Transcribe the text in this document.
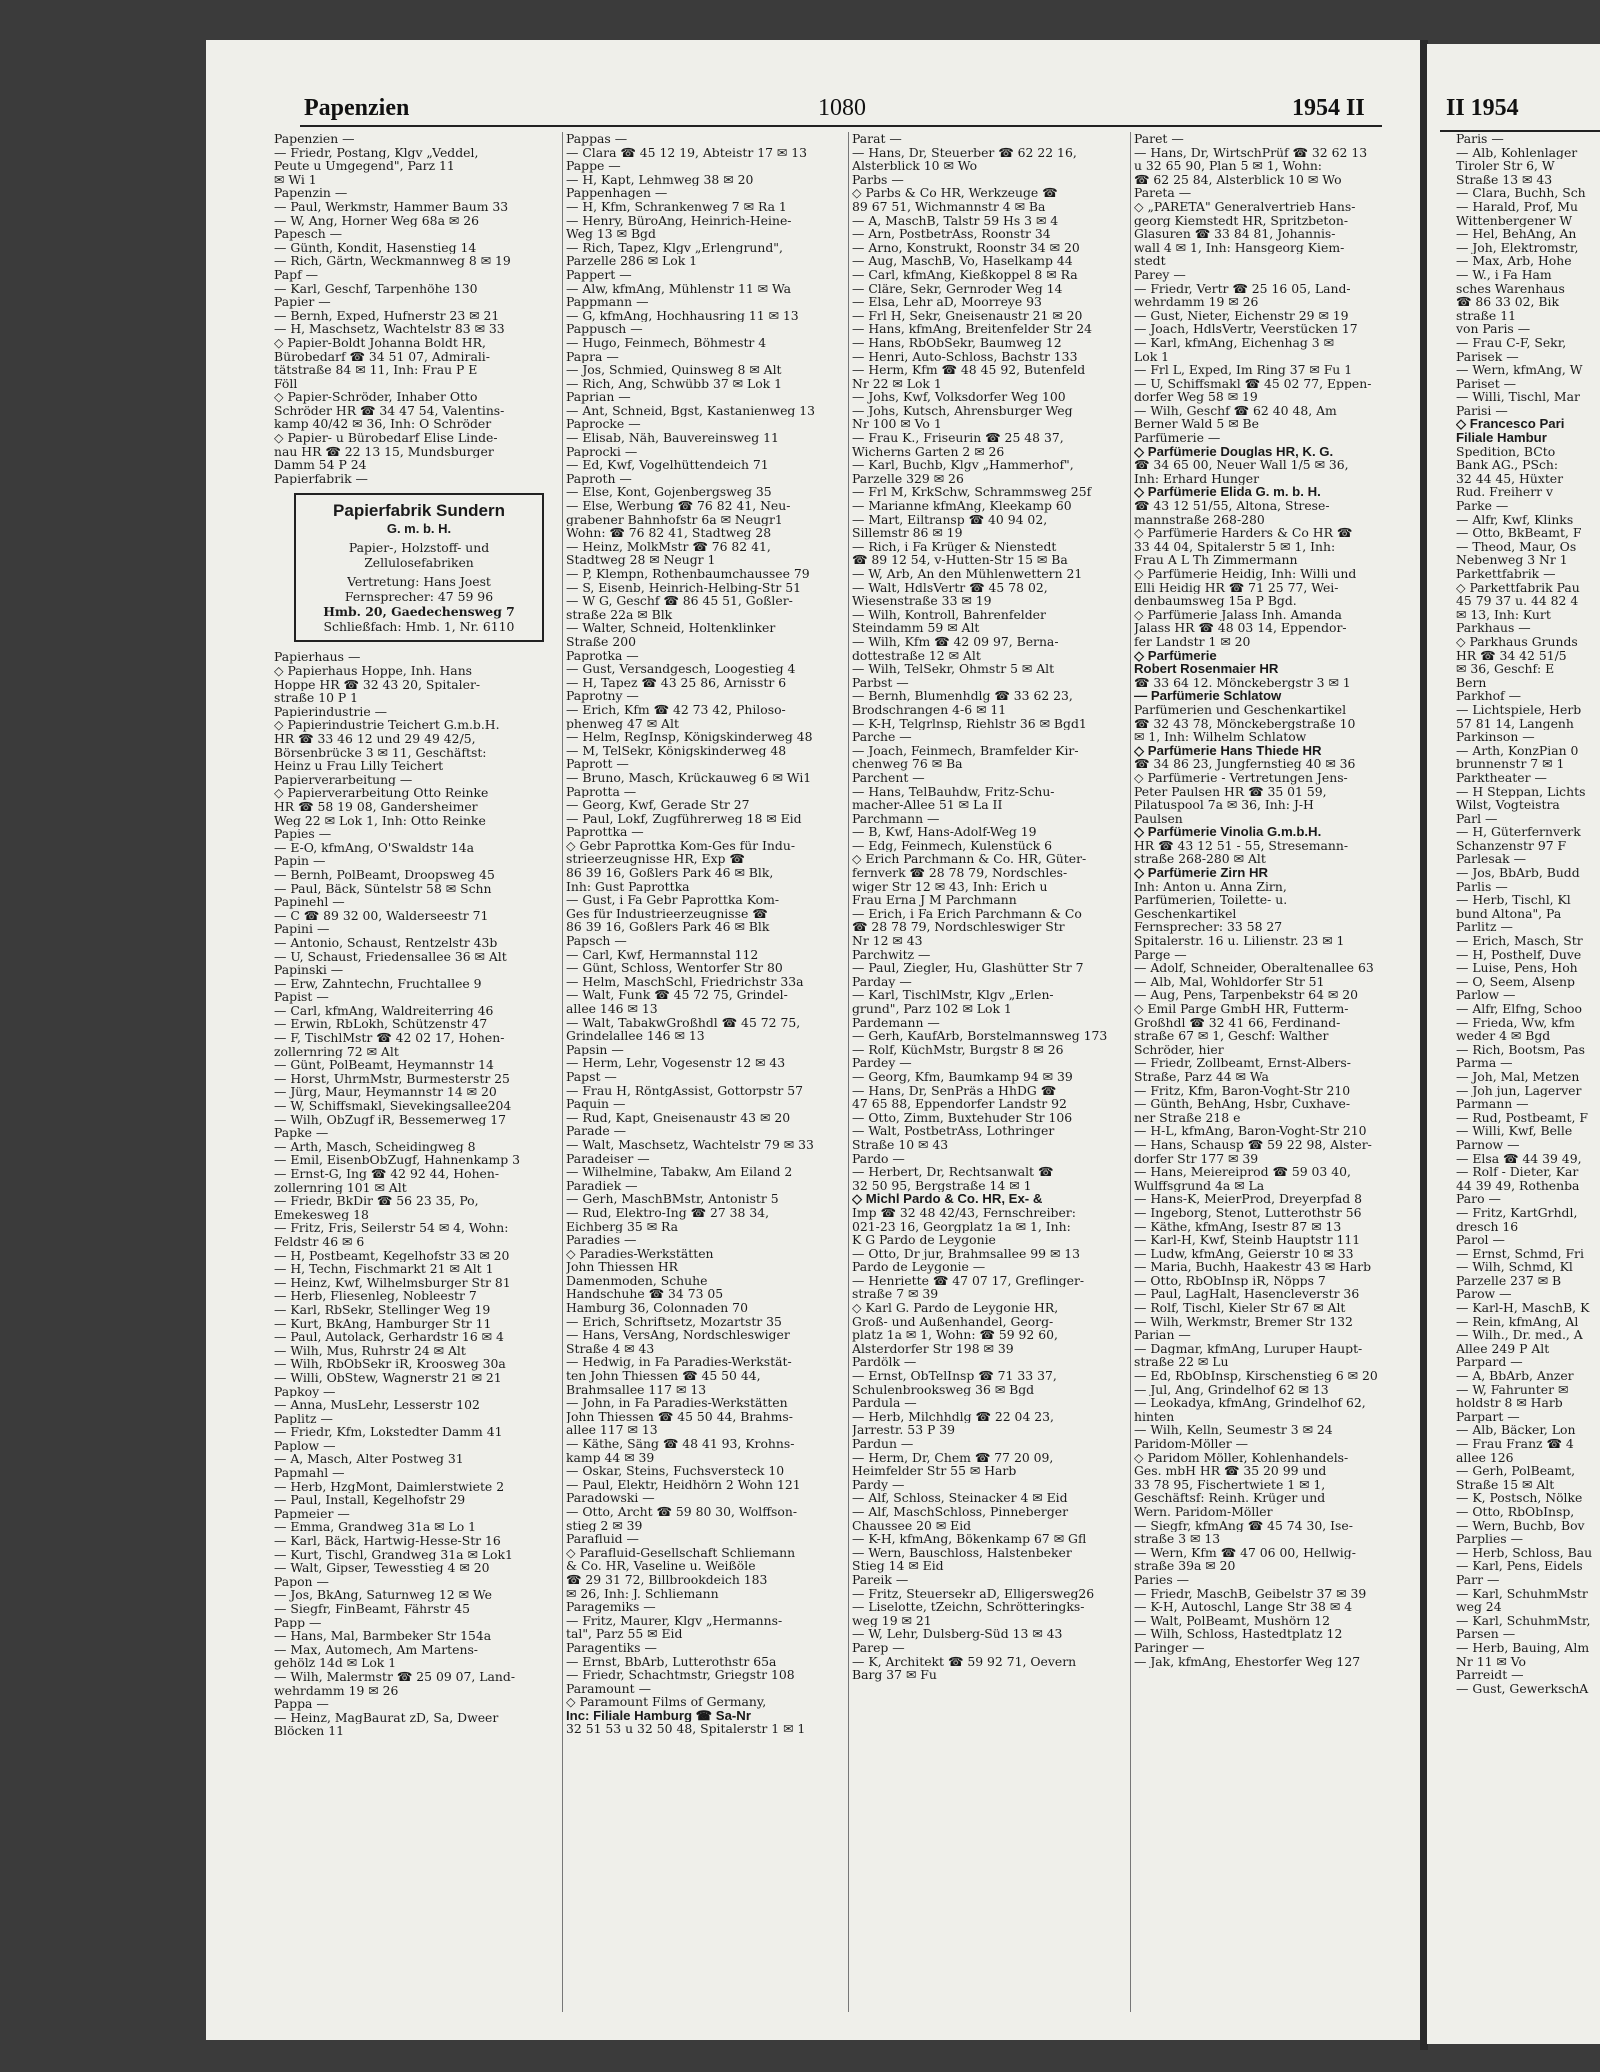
Papenzien	1080	1954 II	II 1954
Papenzien —
— Friedr, Postang, Klgv „Veddel,
Peute u Umgegend", Parz 11
✉ Wi 1
Papenzin —
— Paul, Werkmstr, Hammer Baum 33
— W, Ang, Horner Weg 68a ✉ 26
Papesch —
— Günth, Kondit, Hasenstieg 14
— Rich, Gärtn, Weckmannweg 8 ✉ 19
Papf —
— Karl, Geschf, Tarpenhöhe 130
Papier —
— Bernh, Exped, Hufnerstr 23 ✉ 21
— H, Maschsetz, Wachtelstr 83 ✉ 33
◇ Papier-Boldt Johanna Boldt HR,
Bürobedarf ☎ 34 51 07, Admirali-
tätstraße 84 ✉ 11, Inh: Frau P E
Föll
◇ Papier-Schröder, Inhaber Otto
Schröder HR ☎ 34 47 54, Valentins-
kamp 40/42 ✉ 36, Inh: O Schröder
◇ Papier- u Bürobedarf Elise Linde-
nau HR ☎ 22 13 15, Mundsburger
Damm 54 P 24
Papierfabrik —
Papierfabrik Sundern
G. m. b. H.
Papier-, Holzstoff- und
Zellulosefabriken
Vertretung: Hans Joest
Fernsprecher: 47 59 96
Hmb. 20, Gaedechensweg 7
Schließfach: Hmb. 1, Nr. 6110
Papierhaus —
◇ Papierhaus Hoppe, Inh. Hans
Hoppe HR ☎ 32 43 20, Spitaler-
straße 10 P 1
Papierindustrie —
◇ Papierindustrie Teichert G.m.b.H.
HR ☎ 33 46 12 und 29 49 42/5,
Börsenbrücke 3 ✉ 11, Geschäftst:
Heinz u Frau Lilly Teichert
Papierverarbeitung —
◇ Papierverarbeitung Otto Reinke
HR ☎ 58 19 08, Gandersheimer
Weg 22 ✉ Lok 1, Inh: Otto Reinke
Papies —
— E-O, kfmAng, O'Swaldstr 14a
Papin —
— Bernh, PolBeamt, Droopsweg 45
— Paul, Bäck, Süntelstr 58 ✉ Schn
Papinehl —
— C ☎ 89 32 00, Walderseestr 71
Papini —
— Antonio, Schaust, Rentzelstr 43b
— U, Schaust, Friedensallee 36 ✉ Alt
Papinski —
— Erw, Zahntechn, Fruchtallee 9
Papist —
— Carl, kfmAng, Waldreiterring 46
— Erwin, RbLokh, Schützenstr 47
— F, TischlMstr ☎ 42 02 17, Hohen-
zollernring 72 ✉ Alt
— Günt, PolBeamt, Heymannstr 14
— Horst, UhrmMstr, Burmesterstr 25
— Jürg, Maur, Heymannstr 14 ✉ 20
— W, Schiffsmakl, Sievekingsallee204
— Wilh, ObZugf iR, Bessemerweg 17
Papke —
— Arth, Masch, Scheidingweg 8
— Emil, EisenbObZugf, Hahnenkamp 3
— Ernst-G, Ing ☎ 42 92 44, Hohen-
zollernring 101 ✉ Alt
— Friedr, BkDir ☎ 56 23 35, Po,
Emekesweg 18
— Fritz, Fris, Seilerstr 54 ✉ 4, Wohn:
Feldstr 46 ✉ 6
— H, Postbeamt, Kegelhofstr 33 ✉ 20
— H, Techn, Fischmarkt 21 ✉ Alt 1
— Heinz, Kwf, Wilhelmsburger Str 81
— Herb, Fliesenleg, Nobleestr 7
— Karl, RbSekr, Stellinger Weg 19
— Kurt, BkAng, Hamburger Str 11
— Paul, Autolack, Gerhardstr 16 ✉ 4
— Wilh, Mus, Ruhrstr 24 ✉ Alt
— Wilh, RbObSekr iR, Kroosweg 30a
— Willi, ObStew, Wagnerstr 21 ✉ 21
Papkoy —
— Anna, MusLehr, Lesserstr 102
Paplitz —
— Friedr, Kfm, Lokstedter Damm 41
Paplow —
— A, Masch, Alter Postweg 31
Papmahl —
— Herb, HzgMont, Daimlerstwiete 2
— Paul, Install, Kegelhofstr 29
Papmeier —
— Emma, Grandweg 31a ✉ Lo 1
— Karl, Bäck, Hartwig-Hesse-Str 16
— Kurt, Tischl, Grandweg 31a ✉ Lok1
— Walt, Gipser, Tewesstieg 4 ✉ 20
Papon —
— Jos, BkAng, Saturnweg 12 ✉ We
— Siegfr, FinBeamt, Fährstr 45
Papp —
— Hans, Mal, Barmbeker Str 154a
— Max, Automech, Am Martens-
gehölz 14d ✉ Lok 1
— Wilh, Malermstr ☎ 25 09 07, Land-
wehrdamm 19 ✉ 26
Pappa —
— Heinz, MagBaurat zD, Sa, Dweer
Blöcken 11
Pappas —
— Clara ☎ 45 12 19, Abteistr 17 ✉ 13
Pappe —
— H, Kapt, Lehmweg 38 ✉ 20
Pappenhagen —
— H, Kfm, Schrankenweg 7 ✉ Ra 1
— Henry, BüroAng, Heinrich-Heine-
Weg 13 ✉ Bgd
— Rich, Tapez, Klgv „Erlengrund",
Parzelle 286 ✉ Lok 1
Pappert —
— Alw, kfmAng, Mühlenstr 11 ✉ Wa
Pappmann —
— G, kfmAng, Hochhausring 11 ✉ 13
Pappusch —
— Hugo, Feinmech, Böhmestr 4
Papra —
— Jos, Schmied, Quinsweg 8 ✉ Alt
— Rich, Ang, Schwübb 37 ✉ Lok 1
Paprian —
— Ant, Schneid, Bgst, Kastanienweg 13
Paprocke —
— Elisab, Näh, Bauvereinsweg 11
Paprocki —
— Ed, Kwf, Vogelhüttendeich 71
Paproth —
— Else, Kont, Gojenbergsweg 35
— Else, Werbung ☎ 76 82 41, Neu-
grabener Bahnhofstr 6a ✉ Neugr1
Wohn: ☎ 76 82 41, Stadtweg 28
— Heinz, MolkMstr ☎ 76 82 41,
Stadtweg 28 ✉ Neugr 1
— P, Klempn, Rothenbaumchaussee 79
— S, Eisenb, Heinrich-Helbing-Str 51
— W G, Geschf ☎ 86 45 51, Goßler-
straße 22a ✉ Blk
— Walter, Schneid, Holtenklinker
Straße 200
Paprotka —
— Gust, Versandgesch, Loogestieg 4
— H, Tapez ☎ 43 25 86, Arnisstr 6
Paprotny —
— Erich, Kfm ☎ 42 73 42, Philoso-
phenweg 47 ✉ Alt
— Helm, RegInsp, Königskinderweg 48
— M, TelSekr, Königskinderweg 48
Paprott —
— Bruno, Masch, Krückauweg 6 ✉ Wi1
Paprotta —
— Georg, Kwf, Gerade Str 27
— Paul, Lokf, Zugführerweg 18 ✉ Eid
Paprottka —
◇ Gebr Paprottka Kom-Ges für Indu-
strieerzeugnisse HR, Exp ☎
86 39 16, Goßlers Park 46 ✉ Blk,
Inh: Gust Paprottka
— Gust, i Fa Gebr Paprottka Kom-
Ges für Industrieerzeugnisse ☎
86 39 16, Goßlers Park 46 ✉ Blk
Papsch —
— Carl, Kwf, Hermannstal 112
— Günt, Schloss, Wentorfer Str 80
— Helm, MaschSchl, Friedrichstr 33a
— Walt, Funk ☎ 45 72 75, Grindel-
allee 146 ✉ 13
— Walt, TabakwGroßhdl ☎ 45 72 75,
Grindelallee 146 ✉ 13
Papsin —
— Herm, Lehr, Vogesenstr 12 ✉ 43
Papst —
— Frau H, RöntgAssist, Gottorpstr 57
Paquin —
— Rud, Kapt, Gneisenaustr 43 ✉ 20
Parade —
— Walt, Maschsetz, Wachtelstr 79 ✉ 33
Paradeiser —
— Wilhelmine, Tabakw, Am Eiland 2
Paradiek —
— Gerh, MaschBMstr, Antonistr 5
— Rud, Elektro-Ing ☎ 27 38 34,
Eichberg 35 ✉ Ra
Paradies —
◇ Paradies-Werkstätten
John Thiessen HR
Damenmoden, Schuhe
Handschuhe ☎ 34 73 05
Hamburg 36, Colonnaden 70
— Erich, Schriftsetz, Mozartstr 35
— Hans, VersAng, Nordschleswiger
Straße 4 ✉ 43
— Hedwig, in Fa Paradies-Werkstät-
ten John Thiessen ☎ 45 50 44,
Brahmsallee 117 ✉ 13
— John, in Fa Paradies-Werkstätten
John Thiessen ☎ 45 50 44, Brahms-
allee 117 ✉ 13
— Käthe, Säng ☎ 48 41 93, Krohns-
kamp 44 ✉ 39
— Oskar, Steins, Fuchsversteck 10
— Paul, Elektr, Heidhörn 2 Wohn 121
Paradowski —
— Otto, Archt ☎ 59 80 30, Wolffson-
stieg 2 ✉ 39
Parafluid —
◇ Parafluid-Gesellschaft Schliemann
& Co. HR, Vaseline u. Weißöle
☎ 29 31 72, Billbrookdeich 183
✉ 26, Inh: J. Schliemann
Paragemiks —
— Fritz, Maurer, Klgv „Hermanns-
tal", Parz 55 ✉ Eid
Paragentiks —
— Ernst, BbArb, Lutterothstr 65a
— Friedr, Schachtmstr, Griegstr 108
Paramount —
◇ Paramount Films of Germany,
Inc: Filiale Hamburg ☎ Sa-Nr
32 51 53 u 32 50 48, Spitalerstr 1 ✉ 1
Parat —
— Hans, Dr, Steuerber ☎ 62 22 16,
Alsterblick 10 ✉ Wo
Parbs —
◇ Parbs & Co HR, Werkzeuge ☎
89 67 51, Wichmannstr 4 ✉ Ba
— A, MaschB, Talstr 59 Hs 3 ✉ 4
— Arn, PostbetrAss, Roonstr 34
— Arno, Konstrukt, Roonstr 34 ✉ 20
— Aug, MaschB, Vo, Haselkamp 44
— Carl, kfmAng, Kießkoppel 8 ✉ Ra
— Cläre, Sekr, Gernroder Weg 14
— Elsa, Lehr aD, Moorreye 93
— Frl H, Sekr, Gneisenaustr 21 ✉ 20
— Hans, kfmAng, Breitenfelder Str 24
— Hans, RbObSekr, Baumweg 12
— Henri, Auto-Schloss, Bachstr 133
— Herm, Kfm ☎ 48 45 92, Butenfeld
Nr 22 ✉ Lok 1
— Johs, Kwf, Volksdorfer Weg 100
— Johs, Kutsch, Ahrensburger Weg
Nr 100 ✉ Vo 1
— Frau K., Friseurin ☎ 25 48 37,
Wicherns Garten 2 ✉ 26
— Karl, Buchb, Klgv „Hammerhof",
Parzelle 329 ✉ 26
— Frl M, KrkSchw, Schrammsweg 25f
— Marianne kfmAng, Kleekamp 60
— Mart, Eiltransp ☎ 40 94 02,
Sillemstr 86 ✉ 19
— Rich, i Fa Krüger & Nienstedt
☎ 89 12 54, v-Hutten-Str 15 ✉ Ba
— W, Arb, An den Mühlenwettern 21
— Walt, HdlsVertr ☎ 45 78 02,
Wiesenstraße 33 ✉ 19
— Wilh, Kontroll, Bahrenfelder
Steindamm 59 ✉ Alt
— Wilh, Kfm ☎ 42 09 97, Berna-
dottestraße 12 ✉ Alt
— Wilh, TelSekr, Ohmstr 5 ✉ Alt
Parbst —
— Bernh, Blumenhdlg ☎ 33 62 23,
Brodschrangen 4-6 ✉ 11
— K-H, Telgrlnsp, Riehlstr 36 ✉ Bgd1
Parche —
— Joach, Feinmech, Bramfelder Kir-
chenweg 76 ✉ Ba
Parchent —
— Hans, TelBauhdw, Fritz-Schu-
macher-Allee 51 ✉ La II
Parchmann —
— B, Kwf, Hans-Adolf-Weg 19
— Edg, Feinmech, Kulenstück 6
◇ Erich Parchmann & Co. HR, Güter-
fernverk ☎ 28 78 79, Nordschles-
wiger Str 12 ✉ 43, Inh: Erich u
Frau Erna J M Parchmann
— Erich, i Fa Erich Parchmann & Co
☎ 28 78 79, Nordschleswiger Str
Nr 12 ✉ 43
Parchwitz —
— Paul, Ziegler, Hu, Glashütter Str 7
Parday —
— Karl, TischlMstr, Klgv „Erlen-
grund", Parz 102 ✉ Lok 1
Pardemann —
— Gerh, KaufArb, Borstelmannsweg 173
— Rolf, KüchMstr, Burgstr 8 ✉ 26
Pardey —
— Georg, Kfm, Baumkamp 94 ✉ 39
— Hans, Dr, SenPräs a HhDG ☎
47 65 88, Eppendorfer Landstr 92
— Otto, Zimm, Buxtehuder Str 106
— Walt, PostbetrAss, Lothringer
Straße 10 ✉ 43
Pardo —
— Herbert, Dr, Rechtsanwalt ☎
32 50 95, Bergstraße 14 ✉ 1
◇ Michl Pardo & Co. HR, Ex- &
Imp ☎ 32 48 42/43, Fernschreiber:
021-23 16, Georgplatz 1a ✉ 1, Inh:
K G Pardo de Leygonie
— Otto, Dr jur, Brahmsallee 99 ✉ 13
Pardo de Leygonie —
— Henriette ☎ 47 07 17, Greflinger-
straße 7 ✉ 39
◇ Karl G. Pardo de Leygonie HR,
Groß- und Außenhandel, Georg-
platz 1a ✉ 1, Wohn: ☎ 59 92 60,
Alsterdorfer Str 198 ✉ 39
Pardölk —
— Ernst, ObTelInsp ☎ 71 33 37,
Schulenbrooksweg 36 ✉ Bgd
Pardula —
— Herb, Milchhdlg ☎ 22 04 23,
Jarrestr. 53 P 39
Pardun —
— Herm, Dr, Chem ☎ 77 20 09,
Heimfelder Str 55 ✉ Harb
Pardy —
— Alf, Schloss, Steinacker 4 ✉ Eid
— Alf, MaschSchloss, Pinneberger
Chaussee 20 ✉ Eid
— K-H, kfmAng, Bökenkamp 67 ✉ Gfl
— Wern, Bauschloss, Halstenbeker
Stieg 14 ✉ Eid
Pareik —
— Fritz, Steuersekr aD, Elligersweg26
— Liselotte, tZeichn, Schrötteringks-
weg 19 ✉ 21
— W, Lehr, Dulsberg-Süd 13 ✉ 43
Parep —
— K, Architekt ☎ 59 92 71, Oevern
Barg 37 ✉ Fu
Paret —
— Hans, Dr, WirtschPrüf ☎ 32 62 13
u 32 65 90, Plan 5 ✉ 1, Wohn:
☎ 62 25 84, Alsterblick 10 ✉ Wo
Pareta —
◇ „PARETA" Generalvertrieb Hans-
georg Kiemstedt HR, Spritzbeton-
Glasuren ☎ 33 84 81, Johannis-
wall 4 ✉ 1, Inh: Hansgeorg Kiem-
stedt
Parey —
— Friedr, Vertr ☎ 25 16 05, Land-
wehrdamm 19 ✉ 26
— Gust, Nieter, Eichenstr 29 ✉ 19
— Joach, HdlsVertr, Veerstücken 17
— Karl, kfmAng, Eichenhag 3 ✉
Lok 1
— Frl L, Exped, Im Ring 37 ✉ Fu 1
— U, Schiffsmakl ☎ 45 02 77, Eppen-
dorfer Weg 58 ✉ 19
— Wilh, Geschf ☎ 62 40 48, Am
Berner Wald 5 ✉ Be
Parfümerie —
◇ Parfümerie Douglas HR, K. G.
☎ 34 65 00, Neuer Wall 1/5 ✉ 36,
Inh: Erhard Hunger
◇ Parfümerie Elida G. m. b. H.
☎ 43 12 51/55, Altona, Strese-
mannstraße 268-280
◇ Parfümerie Harders & Co HR ☎
33 44 04, Spitalerstr 5 ✉ 1, Inh:
Frau A L Th Zimmermann
◇ Parfümerie Heidig, Inh: Willi und
Elli Heidig HR ☎ 71 25 77, Wei-
denbaumsweg 15a P Bgd.
◇ Parfümerie Jalass Inh. Amanda
Jalass HR ☎ 48 03 14, Eppendor-
fer Landstr 1 ✉ 20
◇ Parfümerie
Robert Rosenmaier HR
☎ 33 64 12. Mönckebergstr 3 ✉ 1
— Parfümerie Schlatow
Parfümerien und Geschenkartikel
☎ 32 43 78, Mönckebergstraße 10
✉ 1, Inh: Wilhelm Schlatow
◇ Parfümerie Hans Thiede HR
☎ 34 86 23, Jungfernstieg 40 ✉ 36
◇ Parfümerie - Vertretungen Jens-
Peter Paulsen HR ☎ 35 01 59,
Pilatuspool 7a ✉ 36, Inh: J-H
Paulsen
◇ Parfümerie Vinolia G.m.b.H.
HR ☎ 43 12 51 - 55, Stresemann-
straße 268-280 ✉ Alt
◇ Parfümerie Zirn HR
Inh: Anton u. Anna Zirn,
Parfümerien, Toilette- u.
Geschenkartikel
Fernsprecher: 33 58 27
Spitalerstr. 16 u. Lilienstr. 23 ✉ 1
Parge —
— Adolf, Schneider, Oberaltenallee 63
— Alb, Mal, Wohldorfer Str 51
— Aug, Pens, Tarpenbekstr 64 ✉ 20
◇ Emil Parge GmbH HR, Futterm-
Großhdl ☎ 32 41 66, Ferdinand-
straße 67 ✉ 1, Geschf: Walther
Schröder, hier
— Friedr, Zollbeamt, Ernst-Albers-
Straße, Parz 44 ✉ Wa
— Fritz, Kfm, Baron-Voght-Str 210
— Günth, BehAng, Hsbr, Cuxhave-
ner Straße 218 e
— H-L, kfmAng, Baron-Voght-Str 210
— Hans, Schausp ☎ 59 22 98, Alster-
dorfer Str 177 ✉ 39
— Hans, Meiereiprod ☎ 59 03 40,
Wulffsgrund 4a ✉ La
— Hans-K, MeierProd, Dreyerpfad 8
— Ingeborg, Stenot, Lutterothstr 56
— Käthe, kfmAng, Isestr 87 ✉ 13
— Karl-H, Kwf, Steinb Hauptstr 111
— Ludw, kfmAng, Geierstr 10 ✉ 33
— Maria, Buchh, Haakestr 43 ✉ Harb
— Otto, RbObInsp iR, Nöpps 7
— Paul, LagHalt, Hasencleverstr 36
— Rolf, Tischl, Kieler Str 67 ✉ Alt
— Wilh, Werkmstr, Bremer Str 132
Parian —
— Dagmar, kfmAng, Luruper Haupt-
straße 22 ✉ Lu
— Ed, RbObInsp, Kirschenstieg 6 ✉ 20
— Jul, Ang, Grindelhof 62 ✉ 13
— Leokadya, kfmAng, Grindelhof 62,
hinten
— Wilh, Kelln, Seumestr 3 ✉ 24
Paridom-Möller —
◇ Paridom Möller, Kohlenhandels-
Ges. mbH HR ☎ 35 20 99 und
33 78 95, Fischertwiete 1 ✉ 1,
Geschäftsf: Reinh. Krüger und
Wern. Paridom-Möller
— Siegfr, kfmAng ☎ 45 74 30, Ise-
straße 3 ✉ 13
— Wern, Kfm ☎ 47 06 00, Hellwig-
straße 39a ✉ 20
Paries —
— Friedr, MaschB, Geibelstr 37 ✉ 39
— K-H, Autoschl, Lange Str 38 ✉ 4
— Walt, PolBeamt, Mushörn 12
— Wilh, Schloss, Hastedtplatz 12
Paringer —
— Jak, kfmAng, Ehestorfer Weg 127
Paris —
— Alb, Kohlenlager
Tiroler Str 6, W
Straße 13 ✉ 43
— Clara, Buchh, Sch
— Harald, Prof, Mu
Wittenbergener W
— Hel, BehAng, An
— Joh, Elektromstr,
— Max, Arb, Hohe
— W., i Fa Ham
sches Warenhaus
☎ 86 33 02, Bik
straße 11
von Paris —
— Frau C-F, Sekr,
Parisek —
— Wern, kfmAng, W
Pariset —
— Willi, Tischl, Mar
Parisi —
◇ Francesco Pari
Filiale Hambur
Spedition, BCto
Bank AG., PSch:
32 44 45, Hüxter
Rud. Freiherr v
Parke —
— Alfr, Kwf, Klinks
— Otto, BkBeamt, F
— Theod, Maur, Os
Nebenweg 3 Nr 1
Parkettfabrik —
◇ Parkettfabrik Pau
45 79 37 u. 44 82 4
✉ 13, Inh: Kurt
Parkhaus —
◇ Parkhaus Grunds
HR ☎ 34 42 51/5
✉ 36, Geschf: E
Bern
Parkhof —
— Lichtspiele, Herb
57 81 14, Langenh
Parkinson —
— Arth, KonzPian 0
brunnenstr 7 ✉ 1
Parktheater —
— H Steppan, Lichts
Wilst, Vogteistra
Parl —
— H, Güterfernverk
Schanzenstr 97 F
Parlesak —
— Jos, BbArb, Budd
Parlis —
— Herb, Tischl, Kl
bund Altona", Pa
Parlitz —
— Erich, Masch, Str
— H, Posthelf, Duve
— Luise, Pens, Hoh
— O, Seem, Alsenp
Parlow —
— Alfr, Elfng, Schoo
— Frieda, Ww, kfm
weder 4 ✉ Bgd
— Rich, Bootsm, Pas
Parma —
— Joh, Mal, Metzen
— Joh jun, Lagerver
Parmann —
— Rud, Postbeamt, F
— Willi, Kwf, Belle
Parnow —
— Elsa ☎ 44 39 49,
— Rolf - Dieter, Kar
44 39 49, Rothenba
Paro —
— Fritz, KartGrhdl,
dresch 16
Parol —
— Ernst, Schmd, Fri
— Wilh, Schmd, Kl
Parzelle 237 ✉ B
Parow —
— Karl-H, MaschB, K
— Rein, kfmAng, Al
— Wilh., Dr. med., A
Allee 249 P Alt
Parpard —
— A, BbArb, Anzer
— W, Fahrunter ✉
holdstr 8 ✉ Harb
Parpart —
— Alb, Bäcker, Lon
— Frau Franz ☎ 4
allee 126
— Gerh, PolBeamt,
Straße 15 ✉ Alt
— K, Postsch, Nölke
— Otto, RbObInsp,
— Wern, Buchb, Bov
Parplies —
— Herb, Schloss, Bau
— Karl, Pens, Eidels
Parr —
— Karl, SchuhmMstr
weg 24
— Karl, SchuhmMstr,
Parsen —
— Herb, Bauing, Alm
Nr 11 ✉ Vo
Parreidt —
— Gust, GewerkschA
